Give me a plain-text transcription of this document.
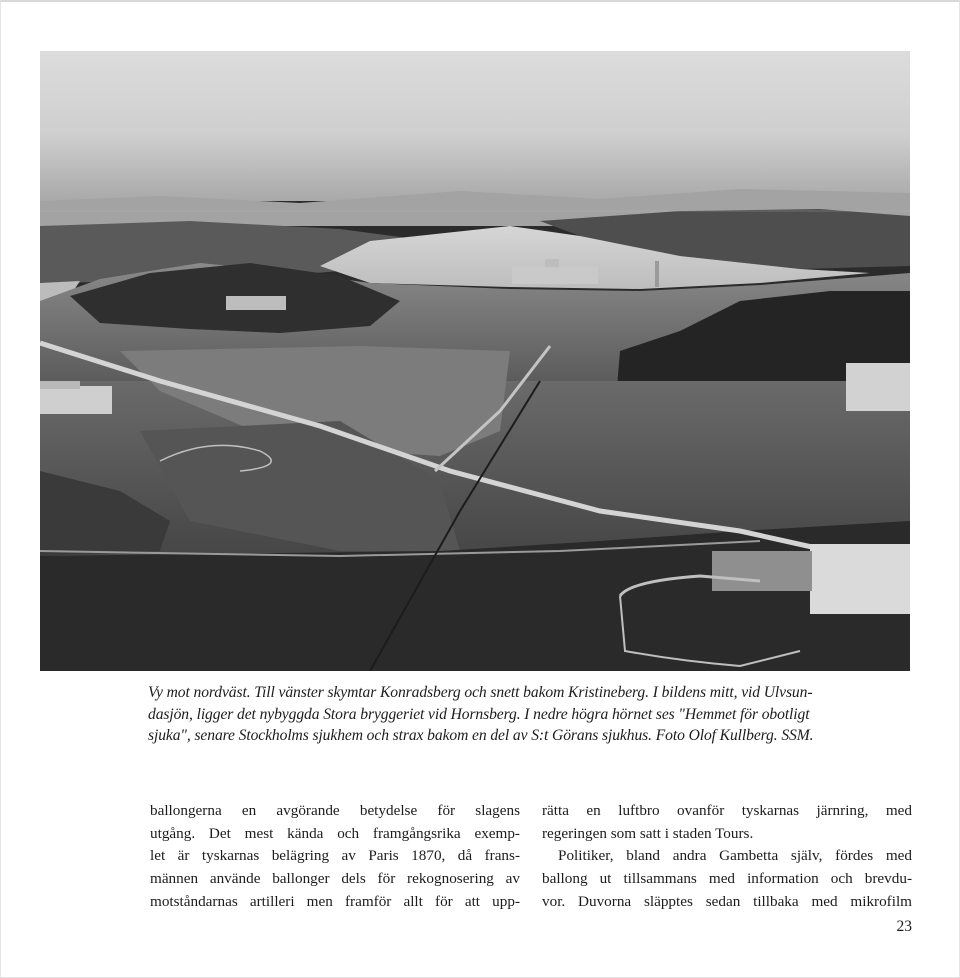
Vy mot nordväst. Till vänster skymtar Konradsberg och snett bakom Kristineberg. I bildens mitt, vid Ulvsun-
dasjön, ligger det nybyggda Stora bryggeriet vid Hornsberg. I nedre högra hörnet ses "Hemmet för obotligt
sjuka", senare Stockholms sjukhem och strax bakom en del av S:t Görans sjukhus. Foto Olof Kullberg. SSM.
ballongerna en avgörande betydelse för slagens
utgång. Det mest kända och framgångsrika exemp-
let är tyskarnas belägring av Paris 1870, då frans-
männen använde ballonger dels för rekognosering av
motståndarnas artilleri men framför allt för att upp-
rätta en luftbro ovanför tyskarnas järnring, med
regeringen som satt i staden Tours.
Politiker, bland andra Gambetta själv, fördes med
ballong ut tillsammans med information och brevdu-
vor. Duvorna släpptes sedan tillbaka med mikrofilm
23
